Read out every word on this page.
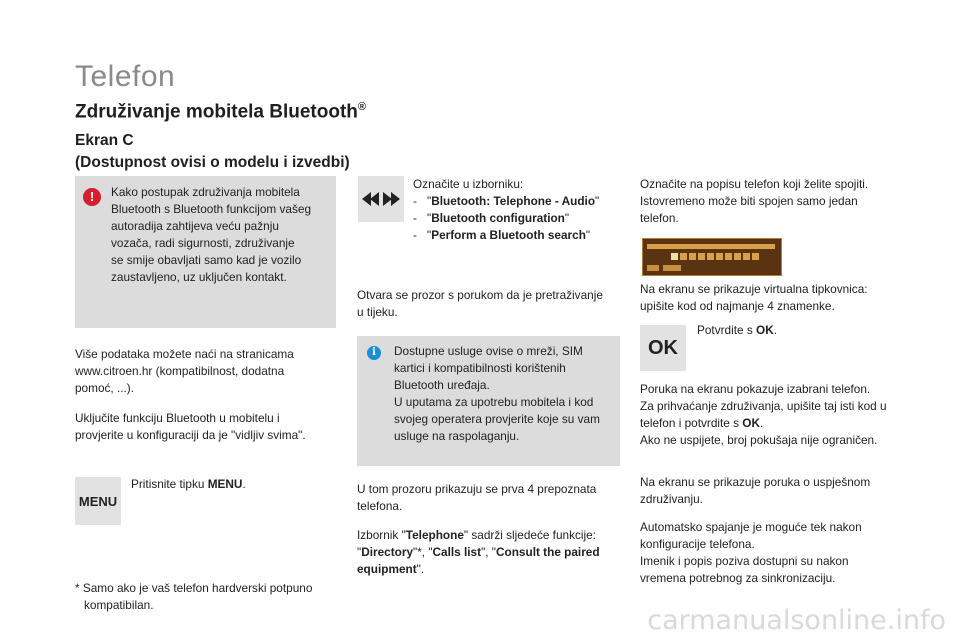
Telefon
Združivanje mobitela Bluetooth®
Ekran C
(Dostupnost ovisi o modelu i izvedbi)
!	Kako postupak združivanja mobitela
Bluetooth s Bluetooth funkcijom vašeg
autoradija zahtijeva veću pažnju
vozača, radi sigurnosti, združivanje
se smije obavljati samo kad je vozilo
zaustavljeno, uz uključen kontakt.
Više podataka možete naći na stranicama
www.citroen.hr (kompatibilnost, dodatna
pomoć, ...).
Uključite funkciju Bluetooth u mobitelu i
provjerite u konfiguraciji da je "vidljiv svima".
MENU
Pritisnite tipku MENU.
* Samo ako je vaš telefon hardverski potpuno
kompatibilan.
Označite u izborniku:
- "Bluetooth: Telephone - Audio"
- "Bluetooth configuration"
- "Perform a Bluetooth search"
Otvara se prozor s porukom da je pretraživanje
u tijeku.
i	Dostupne usluge ovise o mreži, SIM
kartici i kompatibilnosti korištenih
Bluetooth uređaja.
U uputama za upotrebu mobitela i kod
svojeg operatera provjerite koje su vam
usluge na raspolaganju.
U tom prozoru prikazuju se prva 4 prepoznata
telefona.
Izbornik "Telephone" sadrži sljedeće funkcije:
"Directory"*, "Calls list", "Consult the paired
equipment".
Označite na popisu telefon koji želite spojiti.
Istovremeno može biti spojen samo jedan
telefon.
Na ekranu se prikazuje virtualna tipkovnica:
upišite kod od najmanje 4 znamenke.
OK
Potvrdite s OK.
Poruka na ekranu pokazuje izabrani telefon.
Za prihvaćanje združivanja, upišite taj isti kod u
telefon i potvrdite s OK.
Ako ne uspijete, broj pokušaja nije ograničen.
Na ekranu se prikazuje poruka o uspješnom
združivanju.
Automatsko spajanje je moguće tek nakon
konfiguracije telefona.
Imenik i popis poziva dostupni su nakon
vremena potrebnog za sinkronizaciju.
carmanualsonline.info
